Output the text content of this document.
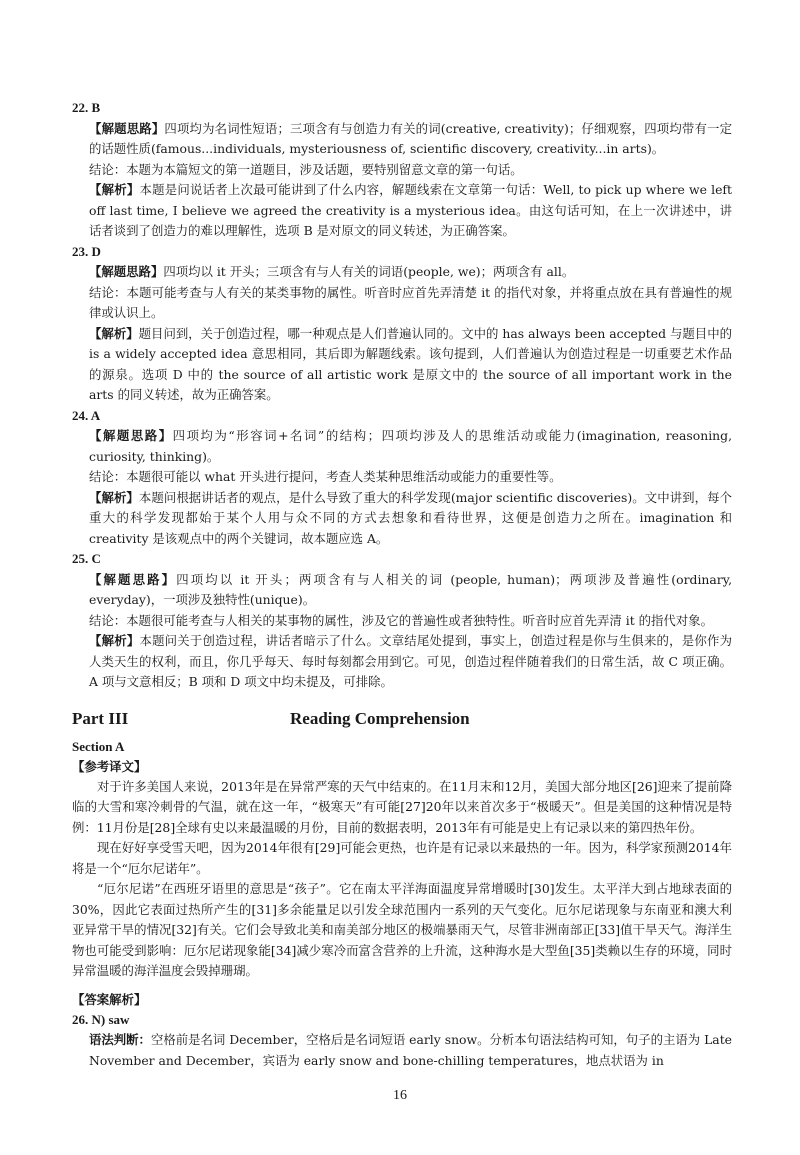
22. B

【解题思路】四项均为名词性短语；三项含有与创造力有关的词(creative, creativity)；仔细观察，四项均带有一定的话题性质(famous...individuals, mysteriousness of, scientific discovery, creativity...in arts)。

结论：本题为本篇短文的第一道题目，涉及话题，要特别留意文章的第一句话。

【解析】本题是问说话者上次最可能讲到了什么内容，解题线索在文章第一句话：Well, to pick up where we left off last time, I believe we agreed the creativity is a mysterious idea。由这句话可知，在上一次讲述中，讲话者谈到了创造力的难以理解性，选项 B 是对原文的同义转述，为正确答案。

23. D

【解题思路】四项均以 it 开头；三项含有与人有关的词语(people, we)；两项含有 all。

结论：本题可能考查与人有关的某类事物的属性。听音时应首先弄清楚 it 的指代对象，并将重点放在具有普遍性的规律或认识上。

【解析】题目问到，关于创造过程，哪一种观点是人们普遍认同的。文中的 has always been accepted 与题目中的 is a widely accepted idea 意思相同，其后即为解题线索。该句提到，人们普遍认为创造过程是一切重要艺术作品的源泉。选项 D 中的 the source of all artistic work 是原文中的 the source of all important work in the arts 的同义转述，故为正确答案。

24. A

【解题思路】四项均为“形容词+名词”的结构；四项均涉及人的思维活动或能力(imagination, reasoning, curiosity, thinking)。

结论：本题很可能以 what 开头进行提问，考查人类某种思维活动或能力的重要性等。

【解析】本题问根据讲话者的观点，是什么导致了重大的科学发现(major scientific discoveries)。文中讲到，每个重大的科学发现都始于某个人用与众不同的方式去想象和看待世界，这便是创造力之所在。imagination 和 creativity 是该观点中的两个关键词，故本题应选 A。

25. C

【解题思路】四项均以 it 开头；两项含有与人相关的词 (people, human)；两项涉及普遍性(ordinary, everyday)，一项涉及独特性(unique)。

结论：本题很可能考查与人相关的某事物的属性，涉及它的普遍性或者独特性。听音时应首先弄清 it 的指代对象。

【解析】本题问关于创造过程，讲话者暗示了什么。文章结尾处提到，事实上，创造过程是你与生俱来的，是你作为人类天生的权利，而且，你几乎每天、每时每刻都会用到它。可见，创造过程伴随着我们的日常生活，故 C 项正确。A 项与文意相反；B 项和 D 项文中均未提及，可排除。

Part III	Reading Comprehension

Section A

【参考译文】

对于许多美国人来说，2013年是在异常严寒的天气中结束的。在11月末和12月，美国大部分地区[26]迎来了提前降临的大雪和寒冷刺骨的气温，就在这一年，“极寒天”有可能[27]20年以来首次多于“极暖天”。但是美国的这种情况是特例：11月份是[28]全球有史以来最温暖的月份，目前的数据表明，2013年有可能是史上有记录以来的第四热年份。

现在好好享受雪天吧，因为2014年很有[29]可能会更热，也许是有记录以来最热的一年。因为，科学家预测2014年将是一个“厄尔尼诺年”。

“厄尔尼诺”在西班牙语里的意思是“孩子”。它在南太平洋海面温度异常增暖时[30]发生。太平洋大到占地球表面的30%，因此它表面过热所产生的[31]多余能量足以引发全球范围内一系列的天气变化。厄尔尼诺现象与东南亚和澳大利亚异常干旱的情况[32]有关。它们会导致北美和南美部分地区的极端暴雨天气，尽管非洲南部正[33]值干旱天气。海洋生物也可能受到影响：厄尔尼诺现象能[34]减少寒冷而富含营养的上升流，这种海水是大型鱼[35]类赖以生存的环境，同时异常温暖的海洋温度会毁掉珊瑚。

【答案解析】

26. N) saw

语法判断：空格前是名词 December，空格后是名词短语 early snow。分析本句语法结构可知，句子的主语为 Late November and December，宾语为 early snow and bone-chilling temperatures，地点状语为 in

16
